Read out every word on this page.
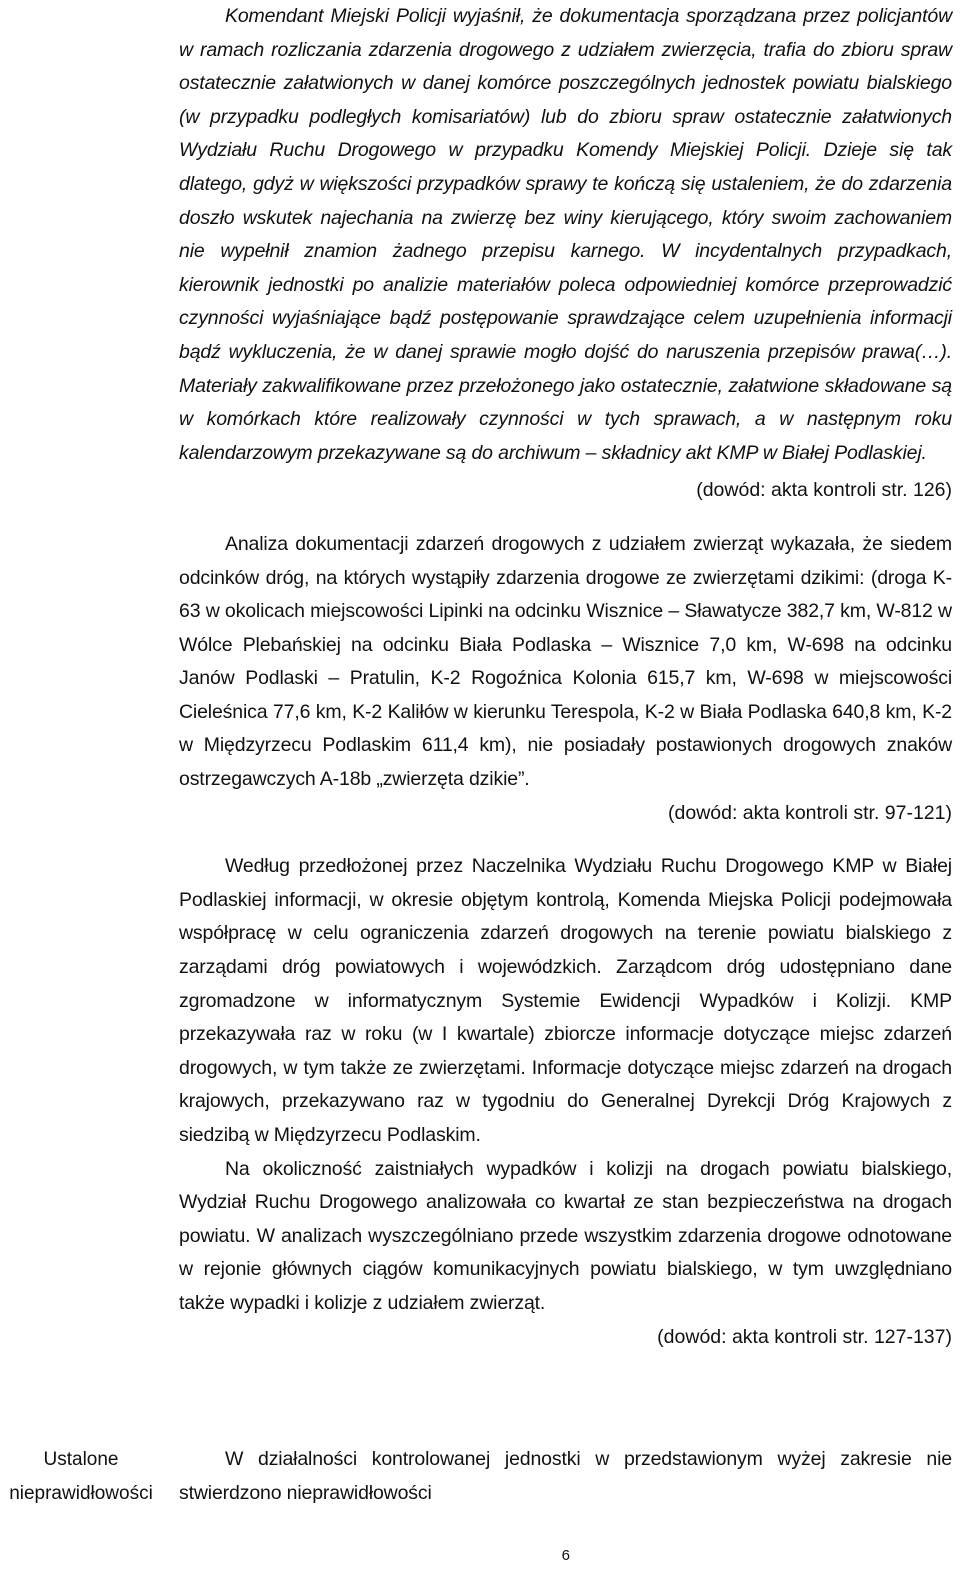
Komendant Miejski Policji wyjaśnił, że dokumentacja sporządzana przez policjantów w ramach rozliczania zdarzenia drogowego z udziałem zwierzęcia, trafia do zbioru spraw ostatecznie załatwionych w danej komórce poszczególnych jednostek powiatu bialskiego (w przypadku podległych komisariatów) lub do zbioru spraw ostatecznie załatwionych Wydziału Ruchu Drogowego w przypadku Komendy Miejskiej Policji. Dzieje się tak dlatego, gdyż w większości przypadków sprawy te kończą się ustaleniem, że do zdarzenia doszło wskutek najechania na zwierzę bez winy kierującego, który swoim zachowaniem nie wypełnił znamion żadnego przepisu karnego. W incydentalnych przypadkach, kierownik jednostki po analizie materiałów poleca odpowiedniej komórce przeprowadzić czynności wyjaśniające bądź postępowanie sprawdzające celem uzupełnienia informacji bądź wykluczenia, że w danej sprawie mogło dojść do naruszenia przepisów prawa(…). Materiały zakwalifikowane przez przełożonego jako ostatecznie, załatwione składowane są w komórkach które realizowały czynności w tych sprawach, a w następnym roku kalendarzowym przekazywane są do archiwum – składnicy akt KMP w Białej Podlaskiej.

(dowód: akta kontroli str. 126)

Analiza dokumentacji zdarzeń drogowych z udziałem zwierząt wykazała, że siedem odcinków dróg, na których wystąpiły zdarzenia drogowe ze zwierzętami dzikimi: (droga K-63 w okolicach miejscowości Lipinki na odcinku Wisznice – Sławatycze 382,7 km, W-812 w Wólce Plebańskiej na odcinku Biała Podlaska – Wisznice 7,0 km, W-698 na odcinku Janów Podlaski – Pratulin, K-2 Rogoźnica Kolonia 615,7 km, W-698 w miejscowości Cieleśnica 77,6 km, K-2 Kaliłów w kierunku Terespola, K-2 w Biała Podlaska 640,8 km, K-2 w Międzyrzecu Podlaskim 611,4 km), nie posiadały postawionych drogowych znaków ostrzegawczych A-18b „zwierzęta dzikie”.

(dowód: akta kontroli str. 97-121)

Według przedłożonej przez Naczelnika Wydziału Ruchu Drogowego KMP w Białej Podlaskiej informacji, w okresie objętym kontrolą, Komenda Miejska Policji podejmowała współpracę w celu ograniczenia zdarzeń drogowych na terenie powiatu bialskiego z zarządami dróg powiatowych i wojewódzkich. Zarządcom dróg udostępniano dane zgromadzone w informatycznym Systemie Ewidencji Wypadków i Kolizji. KMP przekazywała raz w roku (w I kwartale) zbiorcze informacje dotyczące miejsc zdarzeń drogowych, w tym także ze zwierzętami. Informacje dotyczące miejsc zdarzeń na drogach krajowych, przekazywano raz w tygodniu do Generalnej Dyrekcji Dróg Krajowych z siedzibą w Międzyrzecu Podlaskim.

Na okoliczność zaistniałych wypadków i kolizji na drogach powiatu bialskiego, Wydział Ruchu Drogowego analizowała co kwartał ze stan bezpieczeństwa na drogach powiatu. W analizach wyszczególniano przede wszystkim zdarzenia drogowe odnotowane w rejonie głównych ciągów komunikacyjnych powiatu bialskiego, w tym uwzględniano także wypadki i kolizje z udziałem zwierząt.

(dowód: akta kontroli str. 127-137)

Ustalone
nieprawidłowości

W działalności kontrolowanej jednostki w przedstawionym wyżej zakresie nie stwierdzono nieprawidłowości

6
